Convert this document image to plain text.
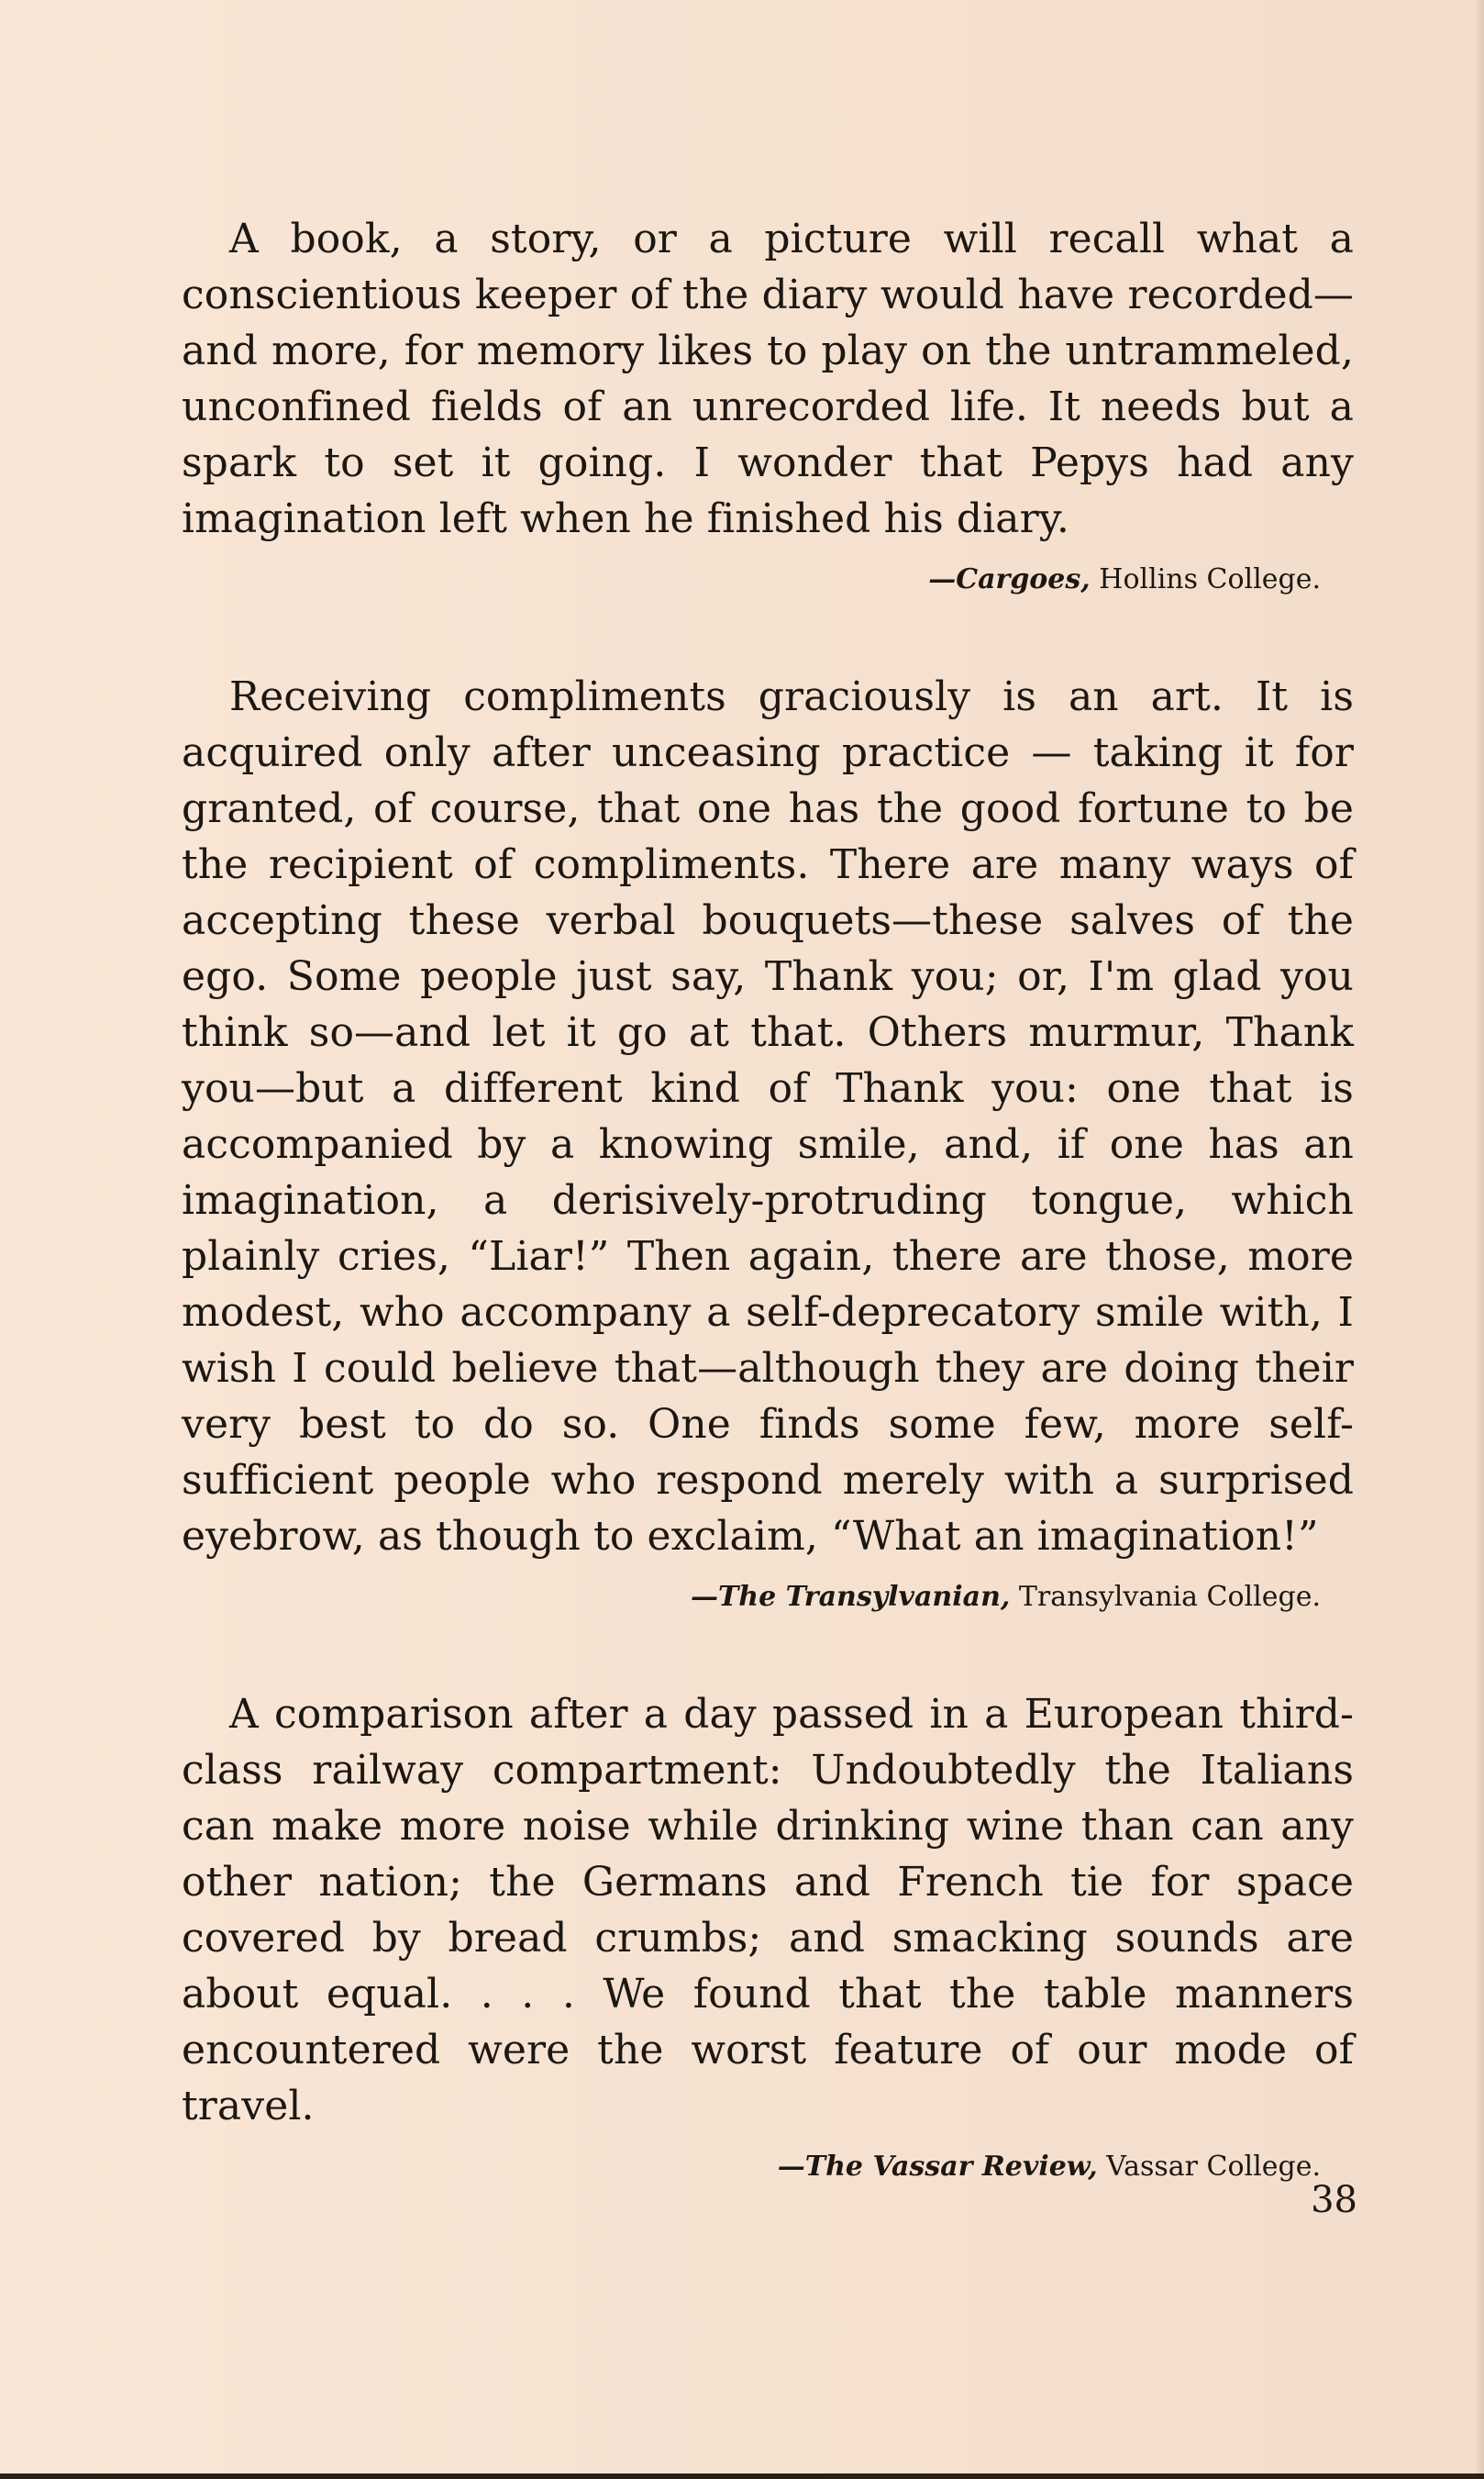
A book, a story, or a picture will recall what a conscientious keeper of the diary would have recorded—and more, for memory likes to play on the untrammeled, unconfined fields of an unrecorded life. It needs but a spark to set it going. I wonder that Pepys had any imagination left when he finished his diary.

—Cargoes, Hollins College.

Receiving compliments graciously is an art. It is acquired only after unceasing practice — taking it for granted, of course, that one has the good fortune to be the recipient of compliments. There are many ways of accepting these verbal bouquets—these salves of the ego. Some people just say, Thank you; or, I'm glad you think so—and let it go at that. Others murmur, Thank you—but a different kind of Thank you: one that is accompanied by a knowing smile, and, if one has an imagination, a derisively-protruding tongue, which plainly cries, “Liar!” Then again, there are those, more modest, who accompany a self-deprecatory smile with, I wish I could believe that—although they are doing their very best to do so. One finds some few, more self-sufficient people who respond merely with a surprised eyebrow, as though to exclaim, “What an imagination!”

—The Transylvanian, Transylvania College.

A comparison after a day passed in a European third-class railway compartment: Undoubtedly the Italians can make more noise while drinking wine than can any other nation; the Germans and French tie for space covered by bread crumbs; and smacking sounds are about equal. . . . We found that the table manners encountered were the worst feature of our mode of travel.

—The Vassar Review, Vassar College.
38
